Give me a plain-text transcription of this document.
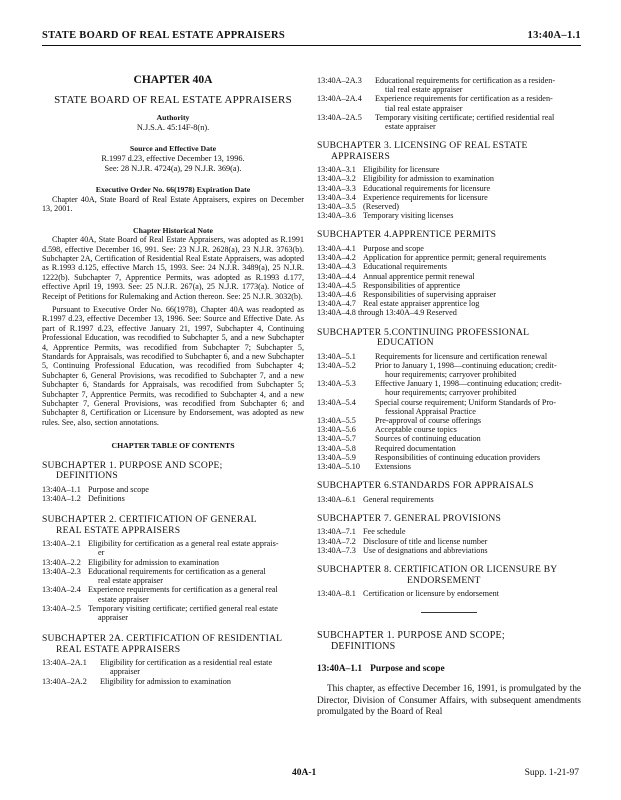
STATE BOARD OF REAL ESTATE APPRAISERS	13:40A–1.1
CHAPTER 40A
STATE BOARD OF REAL ESTATE APPRAISERS
Authority
N.J.S.A. 45:14F-8(n).
Source and Effective Date
R.1997 d.23, effective December 13, 1996.
See: 28 N.J.R. 4724(a), 29 N.J.R. 369(a).
Executive Order No. 66(1978) Expiration Date

Chapter 40A, State Board of Real Estate Appraisers, expires on December 13, 2001.

Chapter Historical Note

Chapter 40A, State Board of Real Estate Appraisers, was adopted as R.1991 d.598, effective December 16, 991. See: 23 N.J.R. 2628(a), 23 N.J.R. 3763(b). Subchapter 2A, Certification of Residential Real Estate Appraisers, was adopted as R.1993 d.125, effective March 15, 1993. See: 24 N.J.R. 3489(a), 25 N.J.R. 1222(b). Subchapter 7, Apprentice Permits, was adopted as R.1993 d.177, effective April 19, 1993. See: 25 N.J.R. 267(a), 25 N.J.R. 1773(a). Notice of Receipt of Petitions for Rulemaking and Action thereon. See: 25 N.J.R. 3032(b).

Pursuant to Executive Order No. 66(1978), Chapter 40A was readopted as R.1997 d.23, effective December 13, 1996. See: Source and Effective Date. As part of R.1997 d.23, effective January 21, 1997, Subchapter 4, Continuing Professional Education, was recodified to Subchapter 5, and a new Subchapter 4, Apprentice Permits, was recodified from Subchapter 7; Subchapter 5, Standards for Appraisals, was recodified to Subchapter 6, and a new Subchapter 5, Continuing Professional Education, was recodified from Subchapter 4; Subchapter 6, General Provisions, was recodified to Subchapter 7, and a new Subchapter 6, Standards for Appraisals, was recodified from Subchapter 5; Subchapter 7, Apprentice Permits, was recodified to Subchapter 4, and a new Subchapter 7, General Provisions, was recodified from Subchapter 6; and Subchapter 8, Certification or Licensure by Endorsement, was adopted as new rules. See, also, section annotations.

CHAPTER TABLE OF CONTENTS
SUBCHAPTER 1. PURPOSE AND SCOPE;
DEFINITIONS
13:40A–1.1 Purpose and scope
13:40A–1.2 Definitions
SUBCHAPTER 2. CERTIFICATION OF GENERAL
REAL ESTATE APPRAISERS
13:40A–2.1 Eligibility for certification as a general real estate apprais-
er
13:40A–2.2 Eligibility for admission to examination
13:40A–2.3 Educational requirements for certification as a general
real estate appraiser
13:40A–2.4 Experience requirements for certification as a general real
estate appraiser
13:40A–2.5 Temporary visiting certificate; certified general real estate
appraiser
SUBCHAPTER 2A. CERTIFICATION OF RESIDENTIAL
REAL ESTATE APPRAISERS
13:40A–2A.1	Eligibility for certification as a residential real estate
appraiser
13:40A–2A.2	Eligibility for admission to examination
13:40A–2A.3	Educational requirements for certification as a residen-
tial real estate appraiser
13:40A–2A.4	Experience requirements for certification as a residen-
tial real estate appraiser
13:40A–2A.5	Temporary visiting certificate; certified residential real
estate appraiser
SUBCHAPTER 3. LICENSING OF REAL ESTATE
APPRAISERS
13:40A–3.1 Eligibility for licensure
13:40A–3.2 Eligibility for admission to examination
13:40A–3.3 Educational requirements for licensure
13:40A–3.4 Experience requirements for licensure
13:40A–3.5 (Reserved)
13:40A–3.6 Temporary visiting licenses
SUBCHAPTER 4.APPRENTICE PERMITS
13:40A–4.1 Purpose and scope
13:40A–4.2 Application for apprentice permit; general requirements
13:40A–4.3 Educational requirements
13:40A–4.4 Annual apprentice permit renewal
13:40A–4.5 Responsibilities of apprentice
13:40A–4.6 Responsibilities of supervising appraiser
13:40A–4.7 Real estate appraiser apprentice log
13:40A–4.8 through 13:40A–4.9 Reserved
SUBCHAPTER 5.CONTINUING PROFESSIONAL
EDUCATION
13:40A–5.1	Requirements for licensure and certification renewal
13:40A–5.2	Prior to January 1, 1998—continuing education; credit-
hour requirements; carryover prohibited
13:40A–5.3	Effective January 1, 1998—continuing education; credit-
hour requirements; carryover prohibited
13:40A–5.4	Special course requirement; Uniform Standards of Pro-
fessional Appraisal Practice
13:40A–5.5	Pre-approval of course offerings
13:40A–5.6	Acceptable course topics
13:40A–5.7	Sources of continuing education
13:40A–5.8	Required documentation
13:40A–5.9	Responsibilities of continuing education providers
13:40A–5.10	Extensions
SUBCHAPTER 6.STANDARDS FOR APPRAISALS
13:40A–6.1 General requirements
SUBCHAPTER 7. GENERAL PROVISIONS
13:40A–7.1 Fee schedule
13:40A–7.2 Disclosure of title and license number
13:40A–7.3 Use of designations and abbreviations
SUBCHAPTER 8. CERTIFICATION OR LICENSURE BY
ENDORSEMENT
13:40A–8.1 Certification or licensure by endorsement
SUBCHAPTER 1. PURPOSE AND SCOPE;
DEFINITIONS
13:40A–1.1 Purpose and scope

This chapter, as effective December 16, 1991, is promulgated by the Director, Division of Consumer Affairs, with subsequent amendments promulgated by the Board of Real

40A-1	Supp. 1-21-97
